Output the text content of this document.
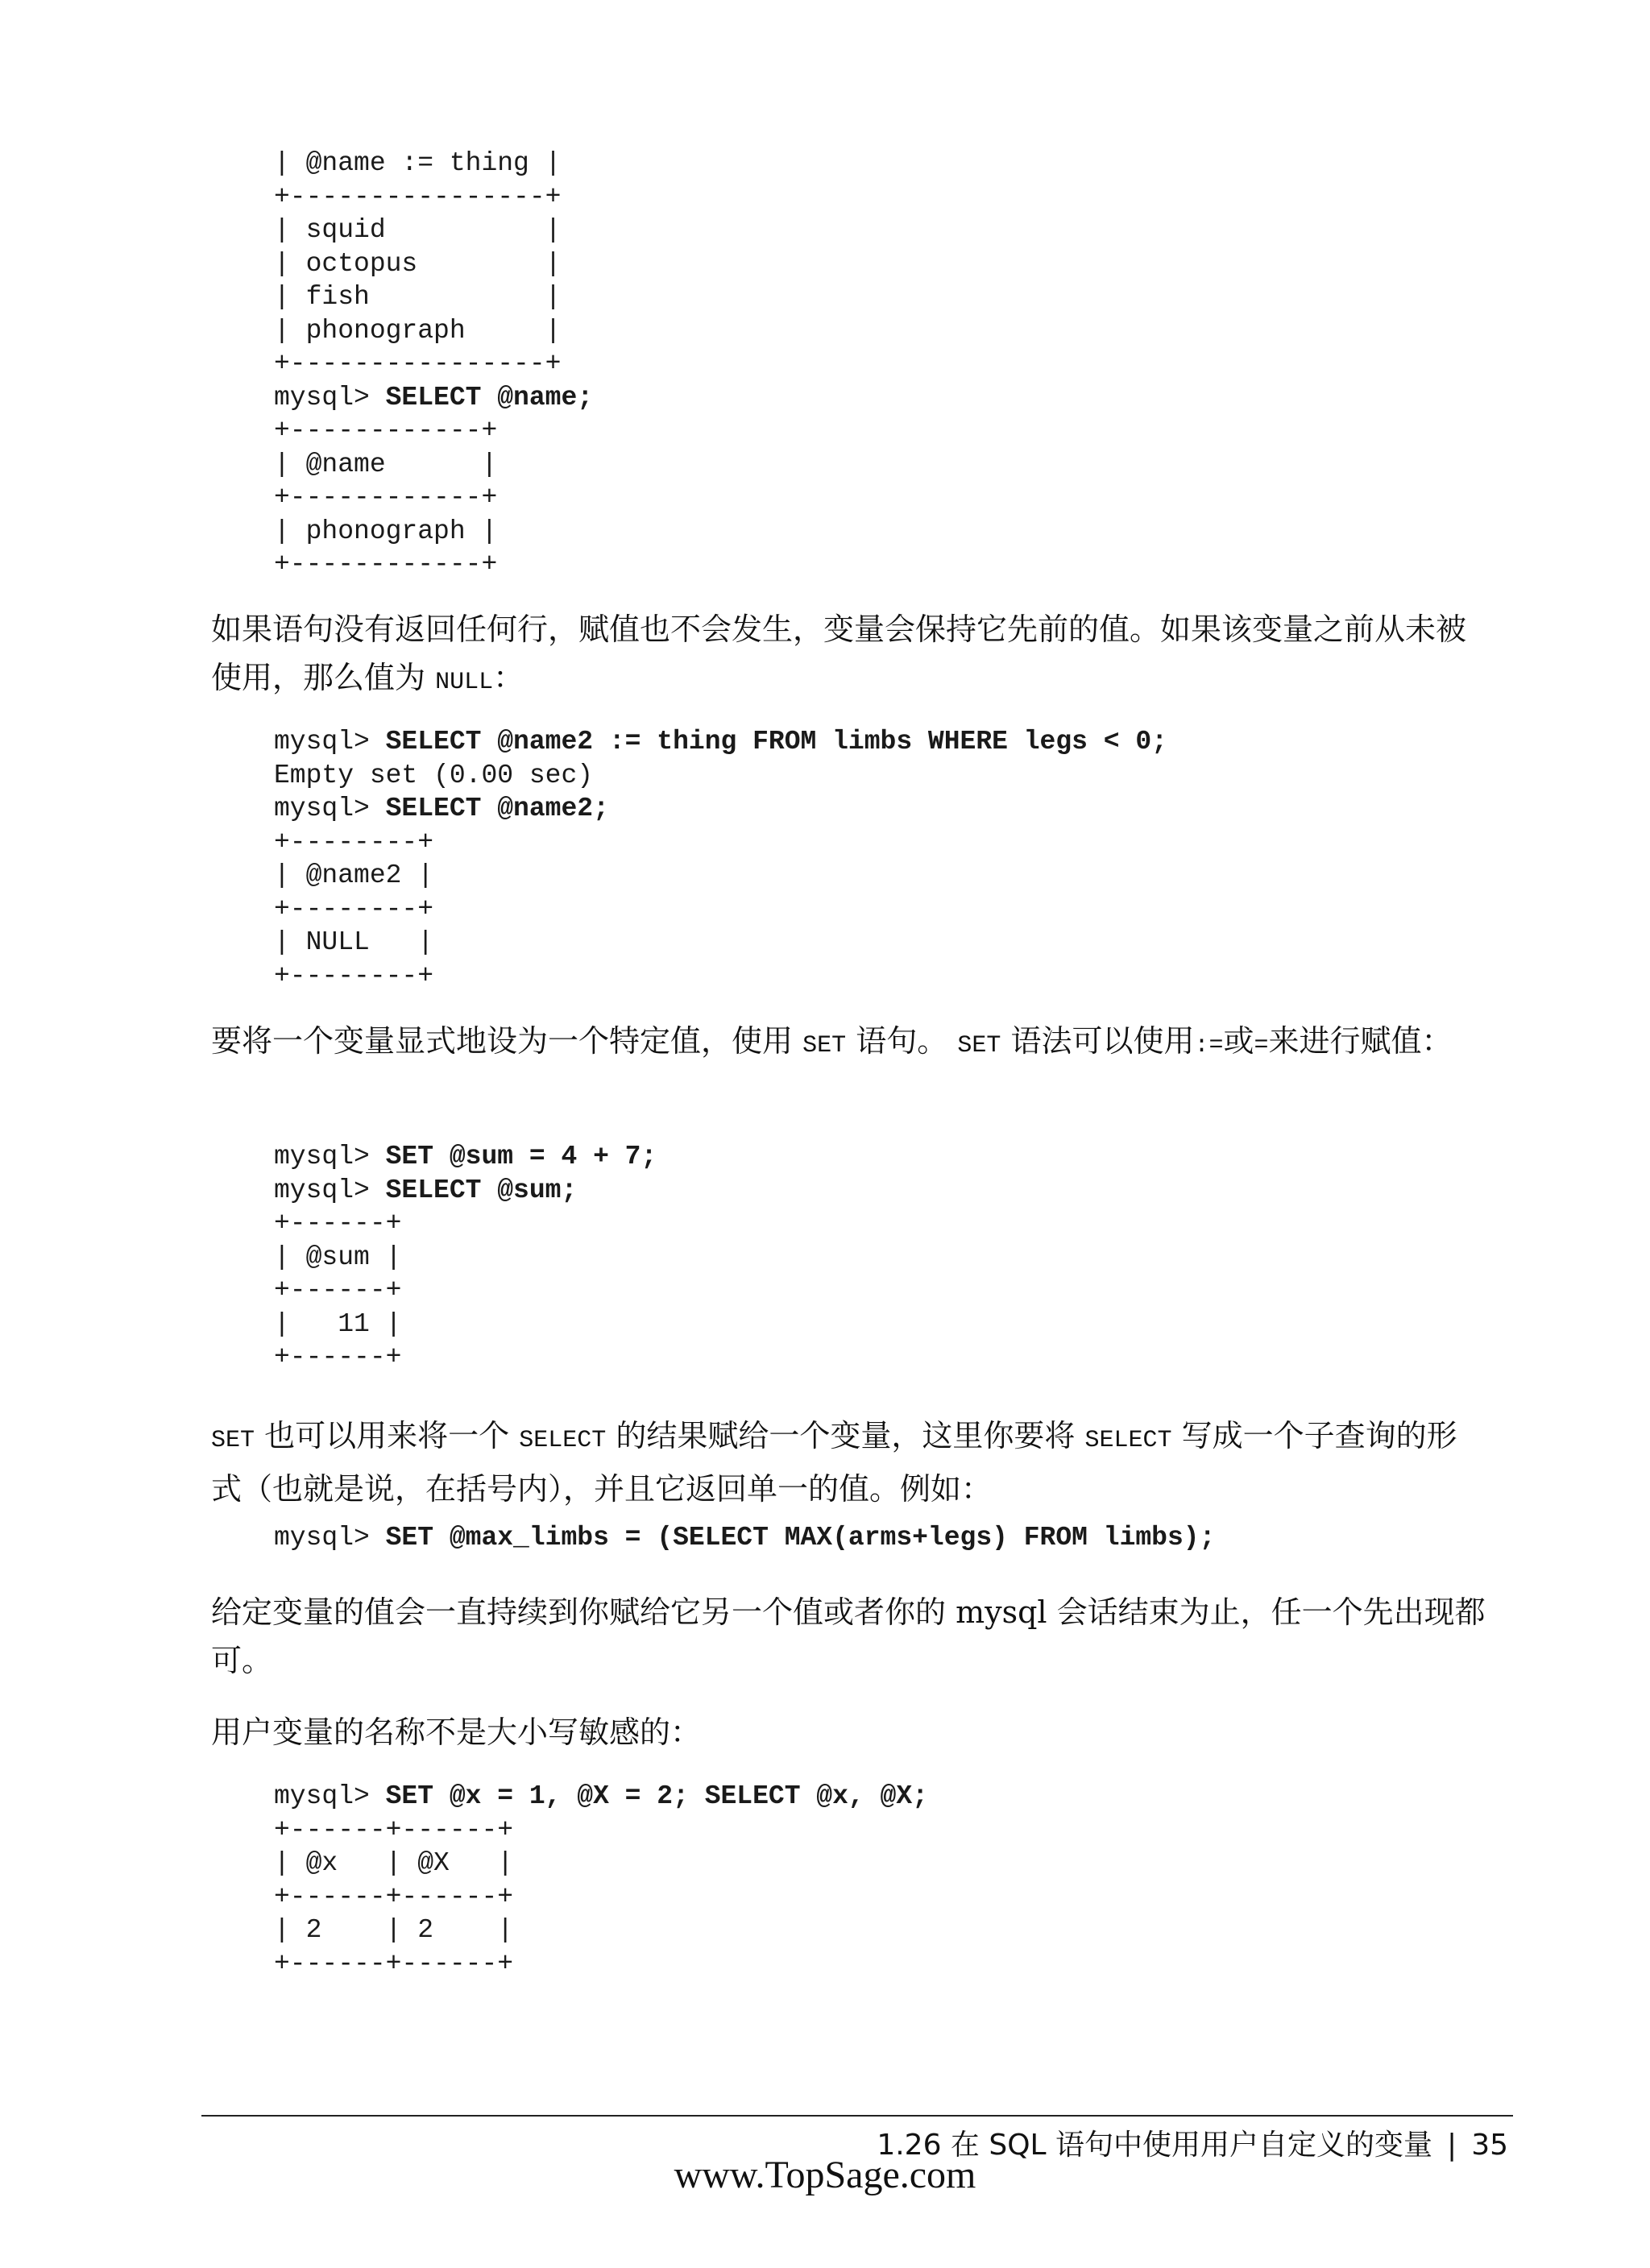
| @name := thing |
+----------------+
| squid          |
| octopus        |
| fish           |
| phonograph     |
+----------------+
mysql> SELECT @name;
+------------+
| @name      |
+------------+
| phonograph |
+------------+

如果语句没有返回任何行，赋值也不会发生，变量会保持它先前的值。如果该变量之前从未被使用，那么值为 NULL：

mysql> SELECT @name2 := thing FROM limbs WHERE legs < 0;
Empty set (0.00 sec)
mysql> SELECT @name2;
+--------+
| @name2 |
+--------+
| NULL   |
+--------+

要将一个变量显式地设为一个特定值，使用 SET 语句。 SET 语法可以使用:=或=来进行赋值：

mysql> SET @sum = 4 + 7;
mysql> SELECT @sum;
+------+
| @sum |
+------+
|   11 |
+------+

SET 也可以用来将一个 SELECT 的结果赋给一个变量，这里你要将 SELECT 写成一个子查询的形式（也就是说，在括号内），并且它返回单一的值。例如：

mysql> SET @max_limbs = (SELECT MAX(arms+legs) FROM limbs);

给定变量的值会一直持续到你赋给它另一个值或者你的 mysql 会话结束为止，任一个先出现都可。

用户变量的名称不是大小写敏感的：

mysql> SET @x = 1, @X = 2; SELECT @x, @X;
+------+------+
| @x   | @X   |
+------+------+
| 2    | 2    |
+------+------+
1.26 在 SQL 语句中使用用户自定义的变量 | 35
www.TopSage.com
